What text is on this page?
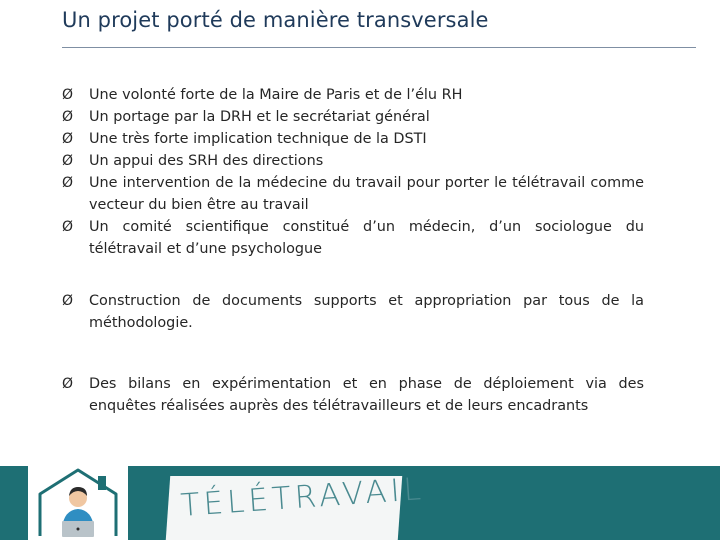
Un projet porté de manière transversale
Ø Une volonté forte de la Maire de Paris et de l’élu RH
Ø Un portage par la DRH et le secrétariat général
Ø Une très forte implication technique de la DSTI
Ø Un appui des SRH des directions
Ø Une intervention de la médecine du travail pour porter le télétravail comme vecteur du bien être au travail
Ø Un comité scientifique constitué d’un médecin, d’un sociologue du télétravail et d’une psychologue
Ø Construction de documents supports et appropriation par tous de la méthodologie.
Ø Des bilans en expérimentation et en phase de déploiement via des enquêtes réalisées auprès des télétravailleurs et de leurs encadrants
TÉLÉTRAVAIL
